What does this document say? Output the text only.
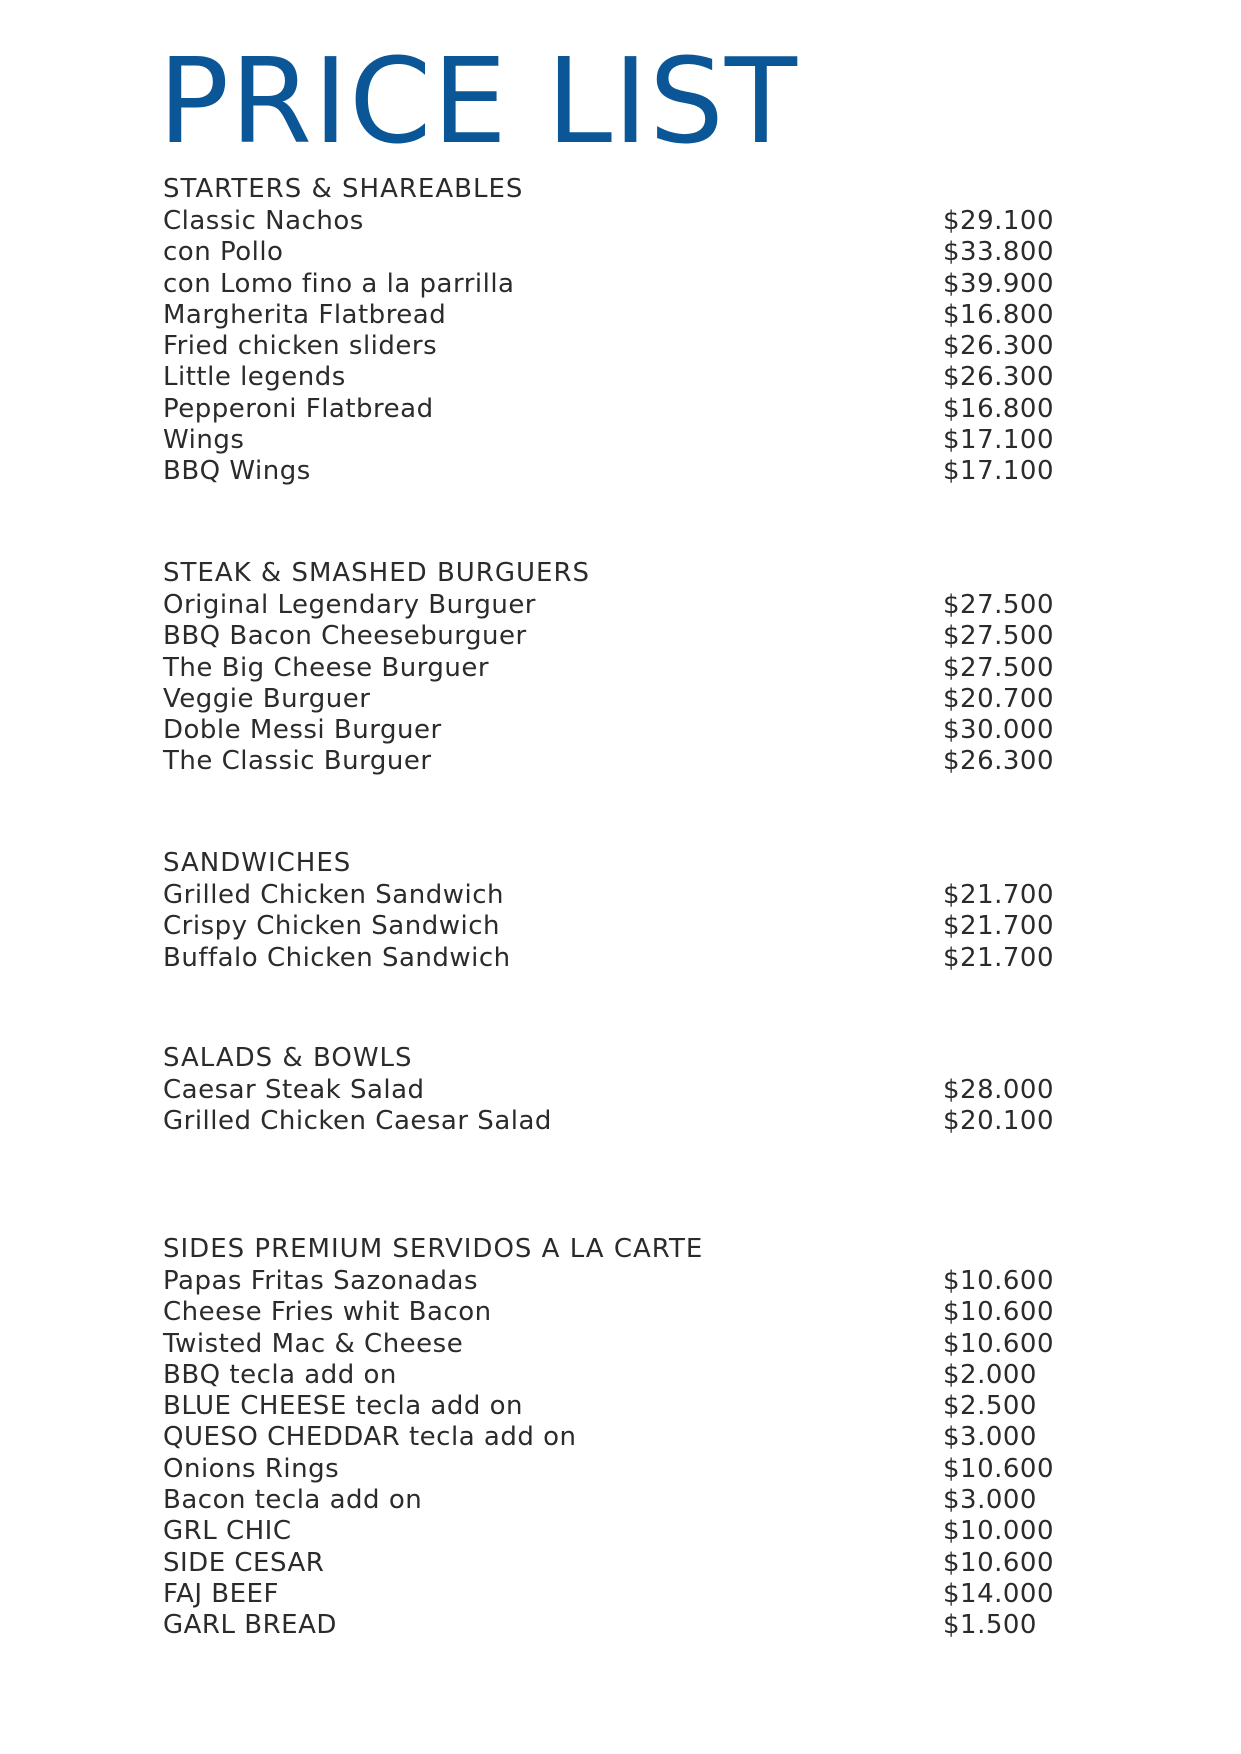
PRICE LIST
STARTERS & SHAREABLES
Classic Nachos	$29.100
con Pollo	$33.800
con Lomo fino a la parrilla	$39.900
Margherita Flatbread	$16.800
Fried chicken sliders	$26.300
Little legends	$26.300
Pepperoni Flatbread	$16.800
Wings	$17.100
BBQ Wings	$17.100
STEAK & SMASHED BURGUERS
Original Legendary Burguer	$27.500
BBQ Bacon Cheeseburguer	$27.500
The Big Cheese Burguer	$27.500
Veggie Burguer	$20.700
Doble Messi Burguer	$30.000
The Classic Burguer	$26.300
SANDWICHES
Grilled Chicken Sandwich	$21.700
Crispy Chicken Sandwich	$21.700
Buffalo Chicken Sandwich	$21.700
SALADS & BOWLS
Caesar Steak Salad	$28.000
Grilled Chicken Caesar Salad	$20.100
SIDES PREMIUM SERVIDOS A LA CARTE
Papas Fritas Sazonadas	$10.600
Cheese Fries whit Bacon	$10.600
Twisted Mac & Cheese	$10.600
BBQ tecla add on	$2.000
BLUE CHEESE tecla add on	$2.500
QUESO CHEDDAR tecla add on	$3.000
Onions Rings	$10.600
Bacon tecla add on	$3.000
GRL CHIC	$10.000
SIDE CESAR	$10.600
FAJ BEEF	$14.000
GARL BREAD	$1.500
